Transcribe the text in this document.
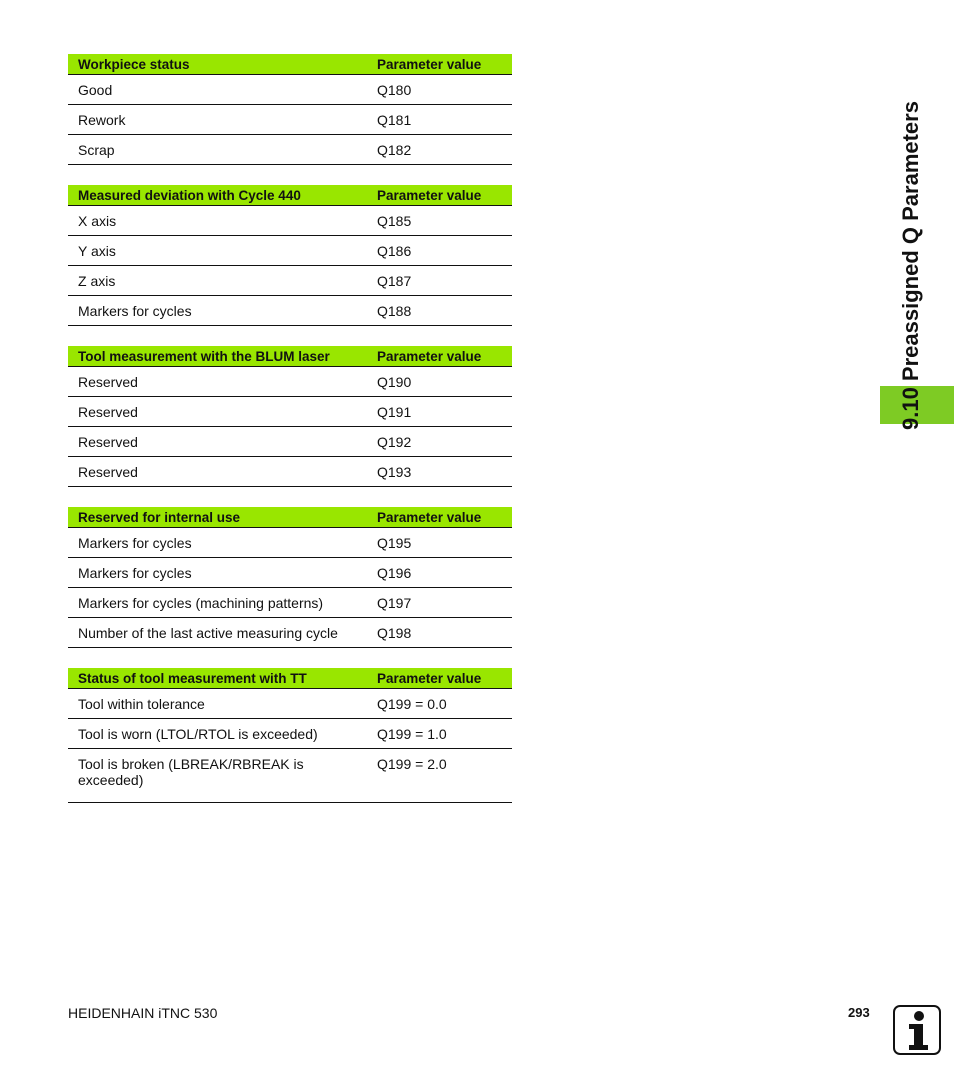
Workpiece status	Parameter value
Good	Q180
Rework	Q181
Scrap	Q182
Measured deviation with Cycle 440	Parameter value
X axis	Q185
Y axis	Q186
Z axis	Q187
Markers for cycles	Q188
Tool measurement with the BLUM laser	Parameter value
Reserved	Q190
Reserved	Q191
Reserved	Q192
Reserved	Q193
Reserved for internal use	Parameter value
Markers for cycles	Q195
Markers for cycles	Q196
Markers for cycles (machining patterns)	Q197
Number of the last active measuring cycle	Q198
Status of tool measurement with TT	Parameter value
Tool within tolerance	Q199 = 0.0
Tool is worn (LTOL/RTOL is exceeded)	Q199 = 1.0
Tool is broken (LBREAK/RBREAK is exceeded)	Q199 = 2.0
9.10 Preassigned Q Parameters
HEIDENHAIN iTNC 530	293
